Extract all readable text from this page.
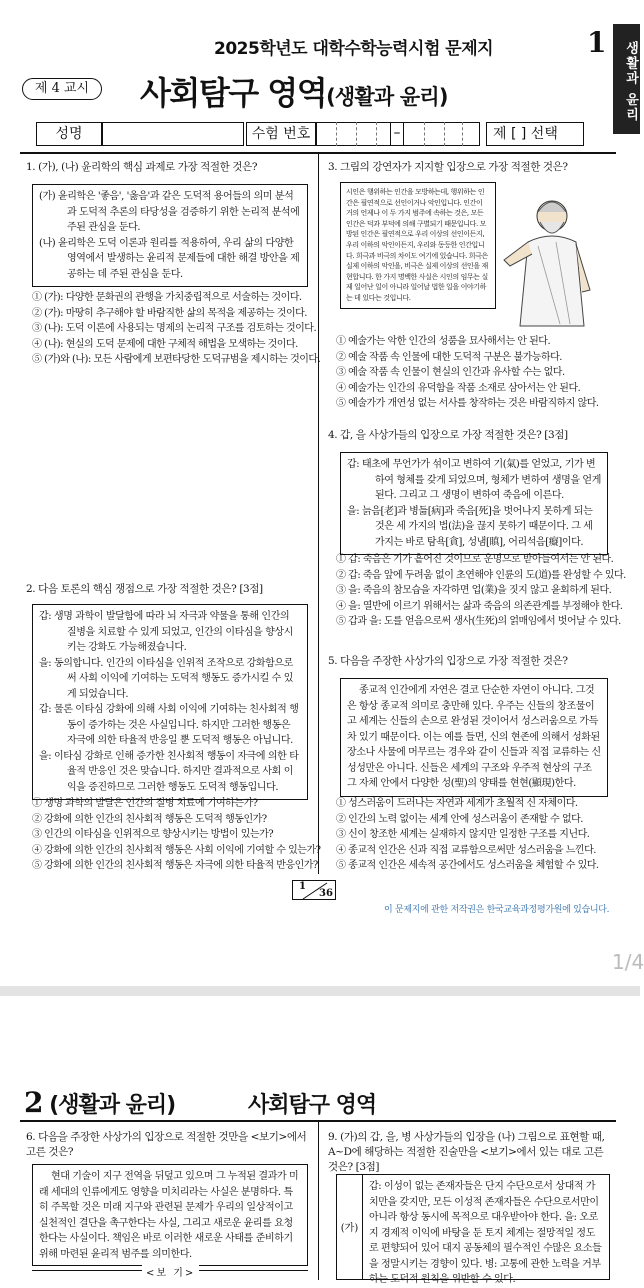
2025학년도 대학수학능력시험 문제지	1	생활과 윤리
제 4 교시	사회탐구 영역(생활과 윤리)
성명	수험 번호	–	제 [ ] 선택
1. (가), (나) 윤리학의 핵심 과제로 가장 적절한 것은?

(가) 윤리학은 '좋음', '옳음'과 같은 도덕적 용어들의 의미 분석과 도덕적 추론의 타당성을 검증하기 위한 논리적 분석에 주된 관심을 둔다.

(나) 윤리학은 도덕 이론과 원리를 적용하여, 우리 삶의 다양한 영역에서 발생하는 윤리적 문제들에 대한 해결 방안을 제공하는 데 주된 관심을 둔다.

① (가): 다양한 문화권의 관행을 가치중립적으로 서술하는 것이다.
② (가): 마땅히 추구해야 할 바람직한 삶의 목적을 제공하는 것이다.
③ (나): 도덕 이론에 사용되는 명제의 논리적 구조를 검토하는 것이다.
④ (나): 현실의 도덕 문제에 대한 구체적 해법을 모색하는 것이다.
⑤ (가)와 (나): 모든 사람에게 보편타당한 도덕규범을 제시하는 것이다.
2. 다음 토론의 핵심 쟁점으로 가장 적절한 것은? [3점]

갑: 생명 과학이 발달함에 따라 뇌 자극과 약물을 통해 인간의 질병을 치료할 수 있게 되었고, 인간의 이타심을 향상시키는 강화도 가능해졌습니다.

을: 동의합니다. 인간의 이타심을 인위적 조작으로 강화함으로써 사회 이익에 기여하는 도덕적 행동도 증가시킬 수 있게 되었습니다.

갑: 물론 이타심 강화에 의해 사회 이익에 기여하는 친사회적 행동이 증가하는 것은 사실입니다. 하지만 그러한 행동은 자극에 의한 타율적 반응일 뿐 도덕적 행동은 아닙니다.

을: 이타심 강화로 인해 증가한 친사회적 행동이 자극에 의한 타율적 반응인 것은 맞습니다. 하지만 결과적으로 사회 이익을 증진하므로 그러한 행동도 도덕적 행동입니다.

① 생명 과학의 발달은 인간의 질병 치료에 기여하는가?
② 강화에 의한 인간의 친사회적 행동은 도덕적 행동인가?
③ 인간의 이타심을 인위적으로 향상시키는 방법이 있는가?
④ 강화에 의한 인간의 친사회적 행동은 사회 이익에 기여할 수 있는가?
⑤ 강화에 의한 인간의 친사회적 행동은 자극에 의한 타율적 반응인가?
3. 그림의 강연자가 지지할 입장으로 가장 적절한 것은?
시인은 행위하는 인간을 모방하는데, 행위하는 인간은 필연적으로 선인이거나 악인입니다. 인간이 거의 언제나 이 두 가지 범주에 속하는 것은, 모든 인간은 덕과 부덕에 의해 구별되기 때문입니다. 모방된 인간은 필연적으로 우리 이상의 선인이든지, 우리 이하의 악인이든지, 우리와 동등한 인간입니다. 희극과 비극의 차이도 여기에 있습니다. 희극은 실제 이하의 악인을, 비극은 실제 이상의 선인을 재현합니다. 한 가지 명백한 사실은 시인의 임무는 실제 일어난 일이 아니라 일어날 법한 일을 이야기하는 데 있다는 것입니다.
① 예술가는 악한 인간의 성품을 묘사해서는 안 된다.
② 예술 작품 속 인물에 대한 도덕적 구분은 불가능하다.
③ 예술 작품 속 인물이 현실의 인간과 유사할 수는 없다.
④ 예술가는 인간의 유덕함을 작품 소재로 삼아서는 안 된다.
⑤ 예술가가 개연성 없는 서사를 창작하는 것은 바람직하지 않다.
4. 갑, 을 사상가들의 입장으로 가장 적절한 것은? [3점]

갑: 태초에 무언가가 섞이고 변하여 기(氣)를 얻었고, 기가 변하여 형체를 갖게 되었으며, 형체가 변하여 생명을 얻게 된다. 그리고 그 생명이 변하여 죽음에 이른다.

을: 늙음[老]과 병듦[病]과 죽음[死]을 벗어나지 못하게 되는 것은 세 가지의 법(法)을 끊지 못하기 때문이다. 그 세 가지는 바로 탐욕[貪], 성냄[瞋], 어리석음[癡]이다.

① 갑: 죽음은 기가 흩어진 것이므로 운명으로 받아들여서는 안 된다.
② 갑: 죽음 앞에 두려움 없이 초연해야 인륜의 도(道)를 완성할 수 있다.
③ 을: 죽음의 참모습을 자각하면 업(業)을 짓지 않고 윤회하게 된다.
④ 을: 열반에 이르기 위해서는 삶과 죽음의 의존관계를 부정해야 한다.
⑤ 갑과 을: 도를 얻음으로써 생사(生死)의 얽매임에서 벗어날 수 있다.
5. 다음을 주장한 사상가의 입장으로 가장 적절한 것은?
종교적 인간에게 자연은 결코 단순한 자연이 아니다. 그것은 항상 종교적 의미로 충만해 있다. 우주는 신들의 창조물이고 세계는 신들의 손으로 완성된 것이어서 성스러움으로 가득 차 있기 때문이다. 이는 예를 들면, 신의 현존에 의해서 성화된 장소나 사물에 머무르는 경우와 같이 신들과 직접 교류하는 신성성만은 아니다. 신들은 세계의 구조와 우주적 현상의 구조 그 자체 안에서 다양한 성(聖)의 양태를 현현(顯現)한다.
① 성스러움이 드러나는 자연과 세계가 초월적 신 자체이다.
② 인간의 노력 없이는 세계 안에 성스러움이 존재할 수 없다.
③ 신이 창조한 세계는 실재하지 않지만 일정한 구조를 지닌다.
④ 종교적 인간은 신과 직접 교류함으로써만 성스러움을 느낀다.
⑤ 종교적 인간은 세속적 공간에서도 성스러움을 체험할 수 있다.
1
36
이 문제지에 관한 저작권은 한국교육과정평가원에 있습니다.
1/4
2 (생활과 윤리)	사회탐구 영역
6. 다음을 주장한 사상가의 입장으로 적절한 것만을 <보기>에서 고른 것은?
현대 기술이 지구 전역을 뒤덮고 있으며 그 누적된 결과가 미래 세대의 인류에게도 영향을 미치리라는 사실은 분명하다. 특히 주목할 것은 미래 지구와 관련된 문제가 우리의 일상적이고 실천적인 결단을 촉구한다는 사실, 그리고 새로운 윤리를 요청한다는 사실이다. 책임은 바로 이러한 새로운 사태를 준비하기 위해 마련된 윤리적 범주를 의미한다.
<보 기>
9. (가)의 갑, 을, 병 사상가들의 입장을 (나) 그림으로 표현할 때, A~D에 해당하는 적절한 진술만을 <보기>에서 있는 대로 고른 것은? [3점]
(가)
갑: 이성이 없는 존재자들은 단지 수단으로서 상대적 가치만을 갖지만, 모든 이성적 존재자들은 수단으로서만이 아니라 항상 동시에 목적으로 대우받아야 한다. 을: 오로지 경제적 이익에 바탕을 둔 토지 체계는 절망적일 정도로 편향되어 있어 대지 공동체의 필수적인 수많은 요소들을 정말시키는 경향이 있다. 병: 고통에 관한 노력을 거부하는 도덕적 원칙을 위반할 수 있다.
